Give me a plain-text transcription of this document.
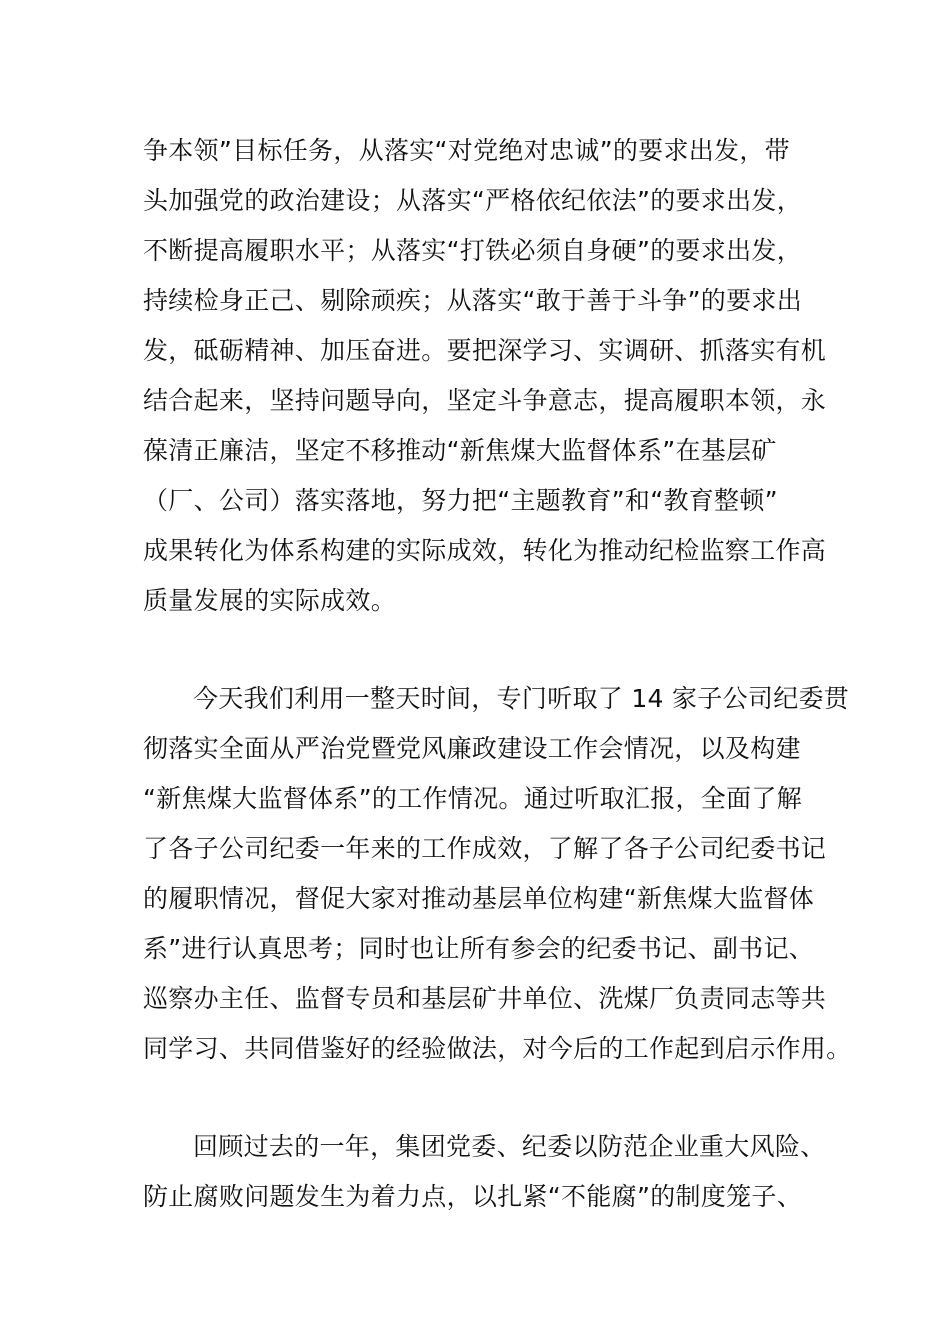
争本领”目标任务，从落实“对党绝对忠诚”的要求出发，带
头加强党的政治建设；从落实“严格依纪依法”的要求出发，
不断提高履职水平；从落实“打铁必须自身硬”的要求出发，
持续检身正己、剔除顽疾；从落实“敢于善于斗争”的要求出
发，砥砺精神、加压奋进。要把深学习、实调研、抓落实有机
结合起来，坚持问题导向，坚定斗争意志，提高履职本领，永
葆清正廉洁，坚定不移推动“新焦煤大监督体系”在基层矿
（厂、公司）落实落地，努力把“主题教育”和“教育整顿”
成果转化为体系构建的实际成效，转化为推动纪检监察工作高
质量发展的实际成效。
今天我们利用一整天时间，专门听取了 14 家子公司纪委贯
彻落实全面从严治党暨党风廉政建设工作会情况，以及构建
“新焦煤大监督体系”的工作情况。通过听取汇报，全面了解
了各子公司纪委一年来的工作成效，了解了各子公司纪委书记
的履职情况，督促大家对推动基层单位构建“新焦煤大监督体
系”进行认真思考；同时也让所有参会的纪委书记、副书记、
巡察办主任、监督专员和基层矿井单位、洗煤厂负责同志等共
同学习、共同借鉴好的经验做法，对今后的工作起到启示作用。
回顾过去的一年，集团党委、纪委以防范企业重大风险、
防止腐败问题发生为着力点，以扎紧“不能腐”的制度笼子、
